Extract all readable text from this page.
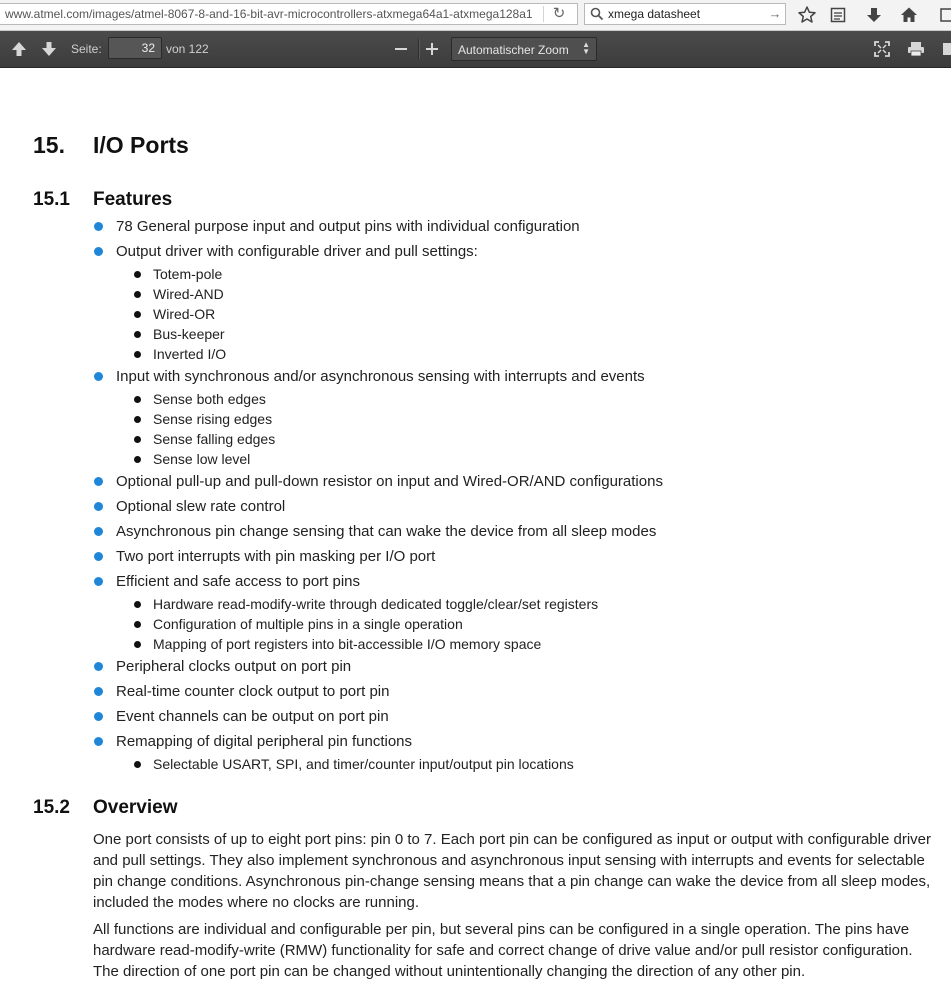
www.atmel.com/images/atmel-8067-8-and-16-bit-avr-microcontrollers-atxmega64a1-atxmega128a1	↻
xmega datasheet	→
Seite:
32	von 122	Automatischer Zoom ▲
▼
15. I/O Ports
15.1 Features
78 General purpose input and output pins with individual configuration
Output driver with configurable driver and pull settings:
Totem-pole
Wired-AND
Wired-OR
Bus-keeper
Inverted I/O
Input with synchronous and/or asynchronous sensing with interrupts and events
Sense both edges
Sense rising edges
Sense falling edges
Sense low level
Optional pull-up and pull-down resistor on input and Wired-OR/AND configurations
Optional slew rate control
Asynchronous pin change sensing that can wake the device from all sleep modes
Two port interrupts with pin masking per I/O port
Efficient and safe access to port pins
Hardware read-modify-write through dedicated toggle/clear/set registers
Configuration of multiple pins in a single operation
Mapping of port registers into bit-accessible I/O memory space
Peripheral clocks output on port pin
Real-time counter clock output to port pin
Event channels can be output on port pin
Remapping of digital peripheral pin functions
Selectable USART, SPI, and timer/counter input/output pin locations
15.2 Overview

One port consists of up to eight port pins: pin 0 to 7. Each port pin can be configured as input or output with configurable driver and pull settings. They also implement synchronous and asynchronous input sensing with interrupts and events for selectable pin change conditions. Asynchronous pin-change sensing means that a pin change can wake the device from all sleep modes, included the modes where no clocks are running.

All functions are individual and configurable per pin, but several pins can be configured in a single operation. The pins have hardware read-modify-write (RMW) functionality for safe and correct change of drive value and/or pull resistor configuration. The direction of one port pin can be changed without unintentionally changing the direction of any other pin.
